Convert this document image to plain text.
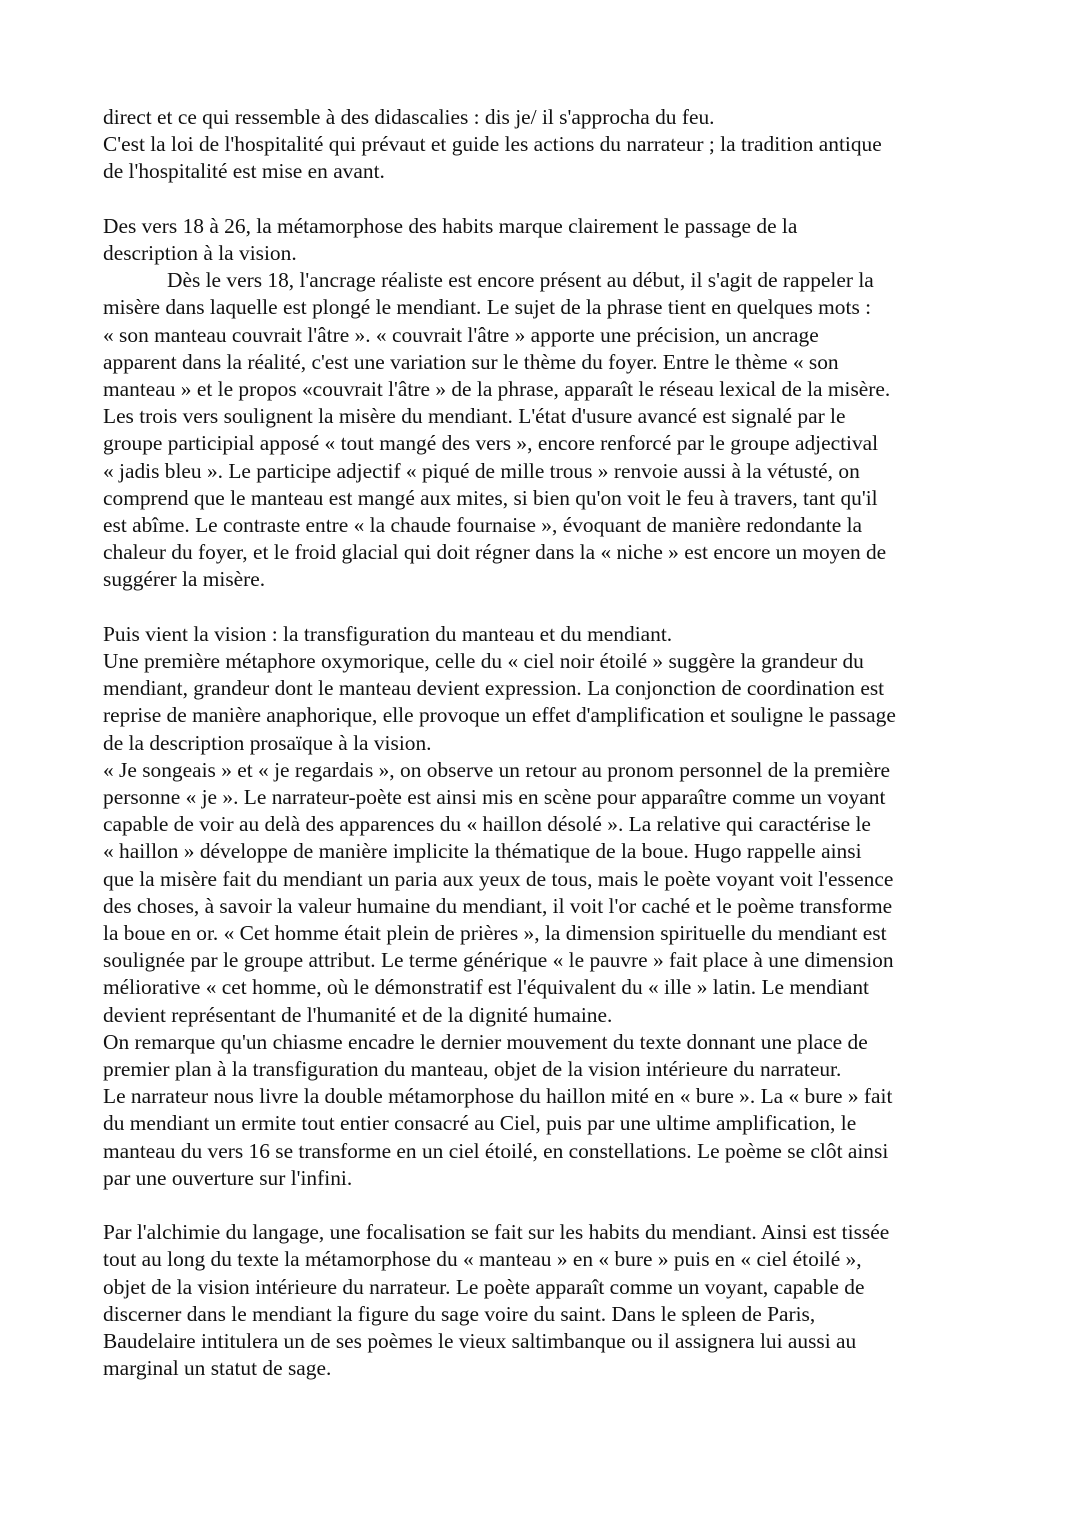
direct et ce qui ressemble à des didascalies : dis je/ il s'approcha du feu.

C'est la loi de l'hospitalité qui prévaut et guide les actions du narrateur ; la tradition antique
de l'hospitalité est mise en avant.

Des vers 18 à 26, la métamorphose des habits marque clairement le passage de la
description à la vision.

Dès le vers 18, l'ancrage réaliste est encore présent au début, il s'agit de rappeler la
misère dans laquelle est plongé le mendiant. Le sujet de la phrase tient en quelques mots :
« son manteau couvrait l'âtre ». « couvrait l'âtre » apporte une précision, un ancrage
apparent dans la réalité, c'est une variation sur le thème du foyer. Entre le thème « son
manteau » et le propos «couvrait l'âtre » de la phrase, apparaît le réseau lexical de la misère.
Les trois vers soulignent la misère du mendiant. L'état d'usure avancé est signalé par le
groupe participial apposé « tout mangé des vers », encore renforcé par le groupe adjectival
« jadis bleu ». Le participe adjectif « piqué de mille trous » renvoie aussi à la vétusté, on
comprend que le manteau est mangé aux mites, si bien qu'on voit le feu à travers, tant qu'il
est abîme. Le contraste entre « la chaude fournaise », évoquant de manière redondante la
chaleur du foyer, et le froid glacial qui doit régner dans la « niche » est encore un moyen de
suggérer la misère.

Puis vient la vision : la transfiguration du manteau et du mendiant.

Une première métaphore oxymorique, celle du « ciel noir étoilé » suggère la grandeur du
mendiant, grandeur dont le manteau devient expression. La conjonction de coordination est
reprise de manière anaphorique, elle provoque un effet d'amplification et souligne le passage
de la description prosaïque à la vision.

« Je songeais » et « je regardais », on observe un retour au pronom personnel de la première
personne « je ». Le narrateur-poète est ainsi mis en scène pour apparaître comme un voyant
capable de voir au delà des apparences du « haillon désolé ». La relative qui caractérise le
« haillon » développe de manière implicite la thématique de la boue. Hugo rappelle ainsi
que la misère fait du mendiant un paria aux yeux de tous, mais le poète voyant voit l'essence
des choses, à savoir la valeur humaine du mendiant, il voit l'or caché et le poème transforme
la boue en or. « Cet homme était plein de prières », la dimension spirituelle du mendiant est
soulignée par le groupe attribut. Le terme générique « le pauvre » fait place à une dimension
méliorative « cet homme, où le démonstratif est l'équivalent du « ille » latin. Le mendiant
devient représentant de l'humanité et de la dignité humaine.

On remarque qu'un chiasme encadre le dernier mouvement du texte donnant une place de
premier plan à la transfiguration du manteau, objet de la vision intérieure du narrateur.

Le narrateur nous livre la double métamorphose du haillon mité en « bure ». La « bure » fait
du mendiant un ermite tout entier consacré au Ciel, puis par une ultime amplification, le
manteau du vers 16 se transforme en un ciel étoilé, en constellations. Le poème se clôt ainsi
par une ouverture sur l'infini.

Par l'alchimie du langage, une focalisation se fait sur les habits du mendiant. Ainsi est tissée
tout au long du texte la métamorphose du « manteau » en « bure » puis en « ciel étoilé »,
objet de la vision intérieure du narrateur. Le poète apparaît comme un voyant, capable de
discerner dans le mendiant la figure du sage voire du saint. Dans le spleen de Paris,
Baudelaire intitulera un de ses poèmes le vieux saltimbanque ou il assignera lui aussi au
marginal un statut de sage.
